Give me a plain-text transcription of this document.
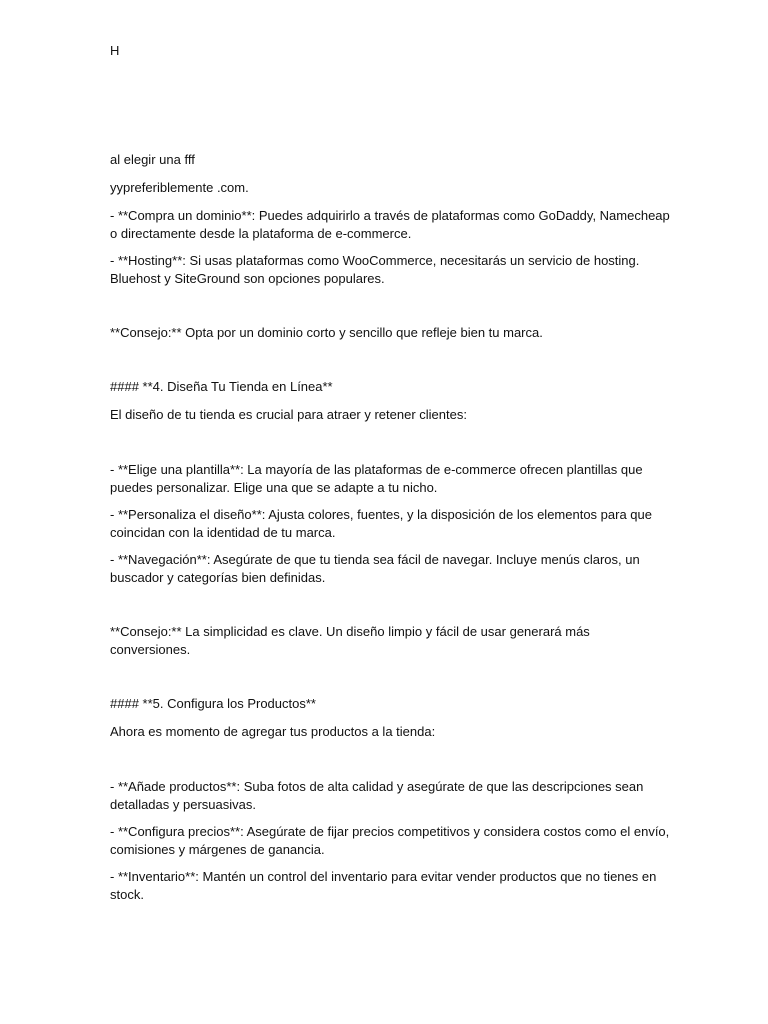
H
al elegir una fff
yypreferiblemente .com.
- **Compra un dominio**: Puedes adquirirlo a través de plataformas como GoDaddy, Namecheap o directamente desde la plataforma de e-commerce.
- **Hosting**: Si usas plataformas como WooCommerce, necesitarás un servicio de hosting. Bluehost y SiteGround son opciones populares.
**Consejo:** Opta por un dominio corto y sencillo que refleje bien tu marca.
#### **4. Diseña Tu Tienda en Línea**
El diseño de tu tienda es crucial para atraer y retener clientes:
- **Elige una plantilla**: La mayoría de las plataformas de e-commerce ofrecen plantillas que puedes personalizar. Elige una que se adapte a tu nicho.
- **Personaliza el diseño**: Ajusta colores, fuentes, y la disposición de los elementos para que coincidan con la identidad de tu marca.
- **Navegación**: Asegúrate de que tu tienda sea fácil de navegar. Incluye menús claros, un buscador y categorías bien definidas.
**Consejo:** La simplicidad es clave. Un diseño limpio y fácil de usar generará más conversiones.
#### **5. Configura los Productos**
Ahora es momento de agregar tus productos a la tienda:
- **Añade productos**: Suba fotos de alta calidad y asegúrate de que las descripciones sean detalladas y persuasivas.
- **Configura precios**: Asegúrate de fijar precios competitivos y considera costos como el envío, comisiones y márgenes de ganancia.
- **Inventario**: Mantén un control del inventario para evitar vender productos que no tienes en stock.
